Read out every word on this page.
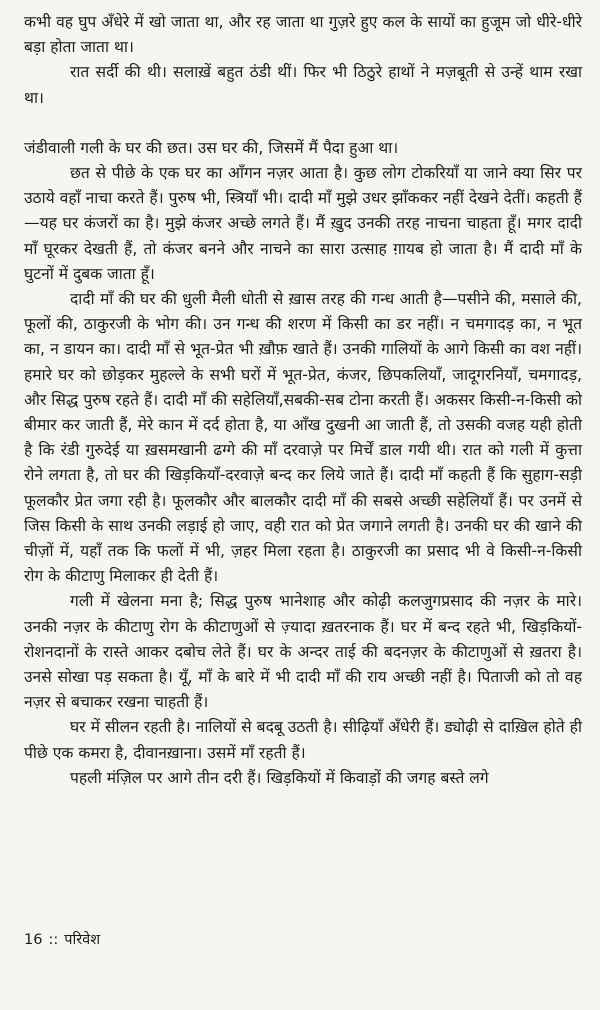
कभी वह घुप अँधेरे में खो जाता था, और रह जाता था गुज़रे हुए कल के सायों का हुजूम जो धीरे-धीरे बड़ा होता जाता था।

रात सर्दी की थी। सलाख़ें बहुत ठंडी थीं। फिर भी ठिठुरे हाथों ने मज़बूती से उन्हें थाम रखा था।

जंडीवाली गली के घर की छत। उस घर की, जिसमें मैं पैदा हुआ था।

छत से पीछे के एक घर का आँगन नज़र आता है। कुछ लोग टोकरियाँ या जाने क्या सिर पर उठाये वहाँ नाचा करते हैं। पुरुष भी, स्त्रियाँ भी। दादी माँ मुझे उधर झाँककर नहीं देखने देतीं। कहती हैं—यह घर कंजरों का है। मुझे कंजर अच्छे लगते हैं। मैं ख़ुद उनकी तरह नाचना चाहता हूँ। मगर दादी माँ घूरकर देखती हैं, तो कंजर बनने और नाचने का सारा उत्साह ग़ायब हो जाता है। मैं दादी माँ के घुटनों में दुबक जाता हूँ।

दादी माँ की घर की धुली मैली धोती से ख़ास तरह की गन्ध आती है—पसीने की, मसाले की, फूलों की, ठाकुरजी के भोग की। उन गन्ध की शरण में किसी का डर नहीं। न चमगादड़ का, न भूत का, न डायन का। दादी माँ से भूत-प्रेत भी ख़ौफ़ खाते हैं। उनकी गालियों के आगे किसी का वश नहीं। हमारे घर को छोड़कर मुहल्ले के सभी घरों में भूत-प्रेत, कंजर, छिपकलियाँ, जादूगरनियाँ, चमगादड़, और सिद्ध पुरुष रहते हैं। दादी माँ की सहेलियाँ,सबकी-सब टोना करती हैं। अकसर किसी-न-किसी को बीमार कर जाती हैं, मेरे कान में दर्द होता है, या आँख दुखनी आ जाती हैं, तो उसकी वजह यही होती है कि रंडी गुरुदेई या ख़समखानी ढग्गे की माँ दरवाज़े पर मिर्चें डाल गयी थी। रात को गली में कुत्ता रोने लगता है, तो घर की खिड़कियाँ-दरवाज़े बन्द कर लिये जाते हैं। दादी माँ कहती हैं कि सुहाग-सड़ी फूलकौर प्रेत जगा रही है। फूलकौर और बालकौर दादी माँ की सबसे अच्छी सहेलियाँ हैं। पर उनमें से जिस किसी के साथ उनकी लड़ाई हो जाए, वही रात को प्रेत जगाने लगती है। उनकी घर की खाने की चीज़ों में, यहाँ तक कि फलों में भी, ज़हर मिला रहता है। ठाकुरजी का प्रसाद भी वे किसी-न-किसी रोग के कीटाणु मिलाकर ही देती हैं।

गली में खेलना मना है; सिद्ध पुरुष भानेशाह और कोढ़ी कलजुगप्रसाद की नज़र के मारे। उनकी नज़र के कीटाणु रोग के कीटाणुओं से ज़्यादा ख़तरनाक हैं। घर में बन्द रहते भी, खिड़कियों-रोशनदानों के रास्ते आकर दबोच लेते हैं। घर के अन्दर ताई की बदनज़र के कीटाणुओं से ख़तरा है। उनसे सोखा पड़ सकता है। यूँ, माँ के बारे में भी दादी माँ की राय अच्छी नहीं है। पिताजी को तो वह नज़र से बचाकर रखना चाहती हैं।

घर में सीलन रहती है। नालियों से बदबू उठती है। सीढ़ियाँ अँधेरी हैं। ड्योढ़ी से दाख़िल होते ही पीछे एक कमरा है, दीवानख़ाना। उसमें माँ रहती हैं।

पहली मंज़िल पर आगे तीन दरी हैं। खिड़कियों में किवाड़ों की जगह बस्ते लगे

16 :: परिवेश
